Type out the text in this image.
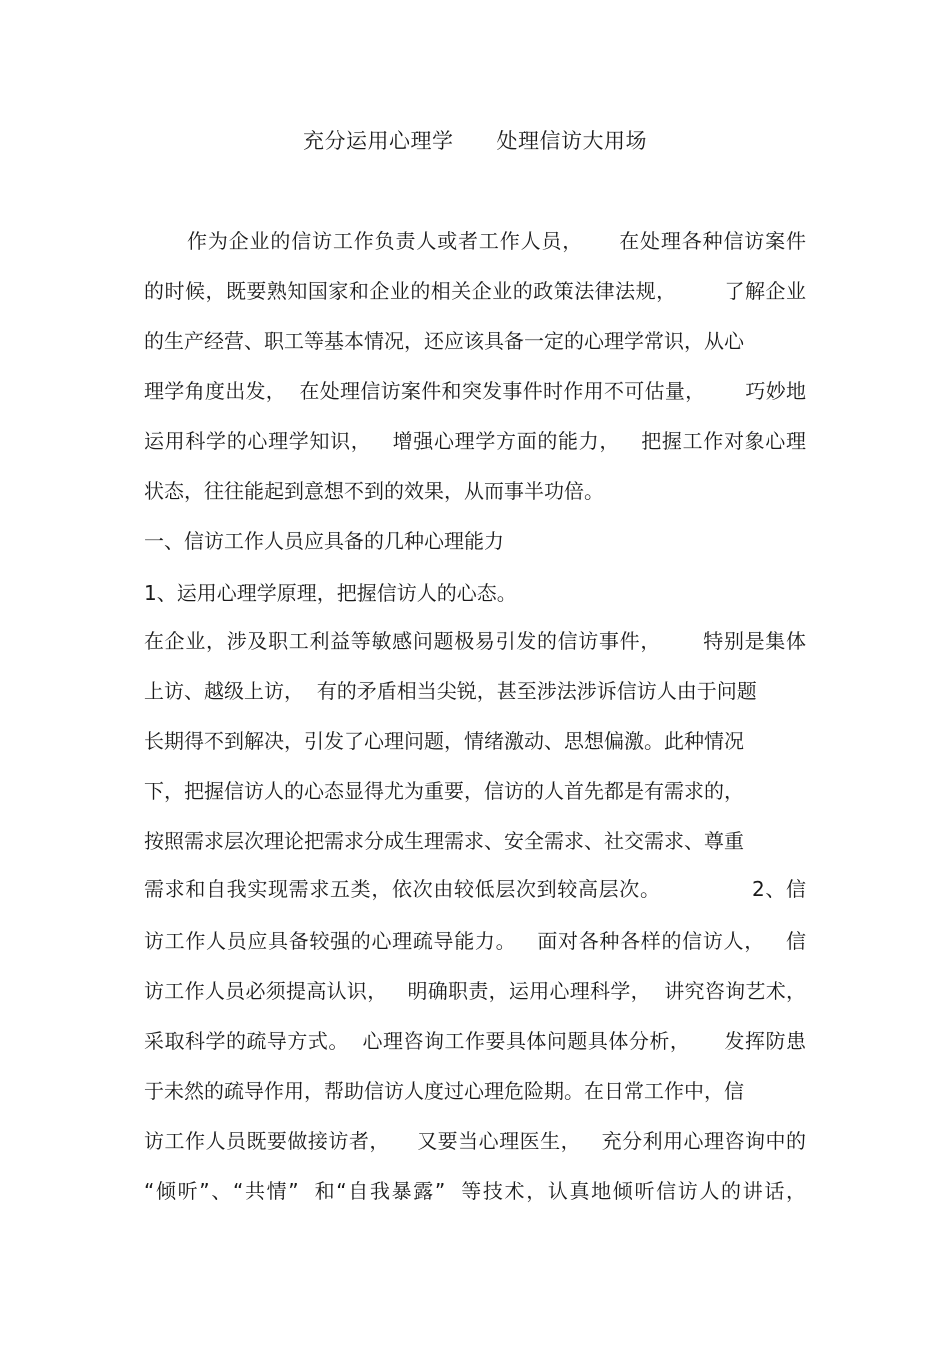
充分运用心理学      处理信访大用场
作为企业的信访工作负责人或者工作人员，     在处理各种信访案件
的时候，既要熟知国家和企业的相关企业的政策法律法规，       了解企业
的生产经营、职工等基本情况，还应该具备一定的心理学常识，从心
理学角度出发，  在处理信访案件和突发事件时作用不可估量，      巧妙地
运用科学的心理学知识，   增强心理学方面的能力，   把握工作对象心理
状态，往往能起到意想不到的效果，从而事半功倍。
一、信访工作人员应具备的几种心理能力
1、运用心理学原理，把握信访人的心态。
在企业，涉及职工利益等敏感问题极易引发的信访事件，      特别是集体
上访、越级上访，  有的矛盾相当尖锐，甚至涉法涉诉信访人由于问题
长期得不到解决，引发了心理问题，情绪激动、思想偏激。此种情况
下，把握信访人的心态显得尤为重要，信访的人首先都是有需求的，
按照需求层次理论把需求分成生理需求、安全需求、社交需求、尊重
需求和自我实现需求五类，依次由较低层次到较高层次。             2、信
访工作人员应具备较强的心理疏导能力。   面对各种各样的信访人，   信
访工作人员必须提高认识，   明确职责，运用心理科学，  讲究咨询艺术，
采取科学的疏导方式。  心理咨询工作要具体问题具体分析，     发挥防患
于未然的疏导作用，帮助信访人度过心理危险期。在日常工作中，信
访工作人员既要做接访者，    又要当心理医生，   充分利用心理咨询中的
“倾听”、“共情”  和“自我暴露”  等技术，认真地倾听信访人的讲话，
